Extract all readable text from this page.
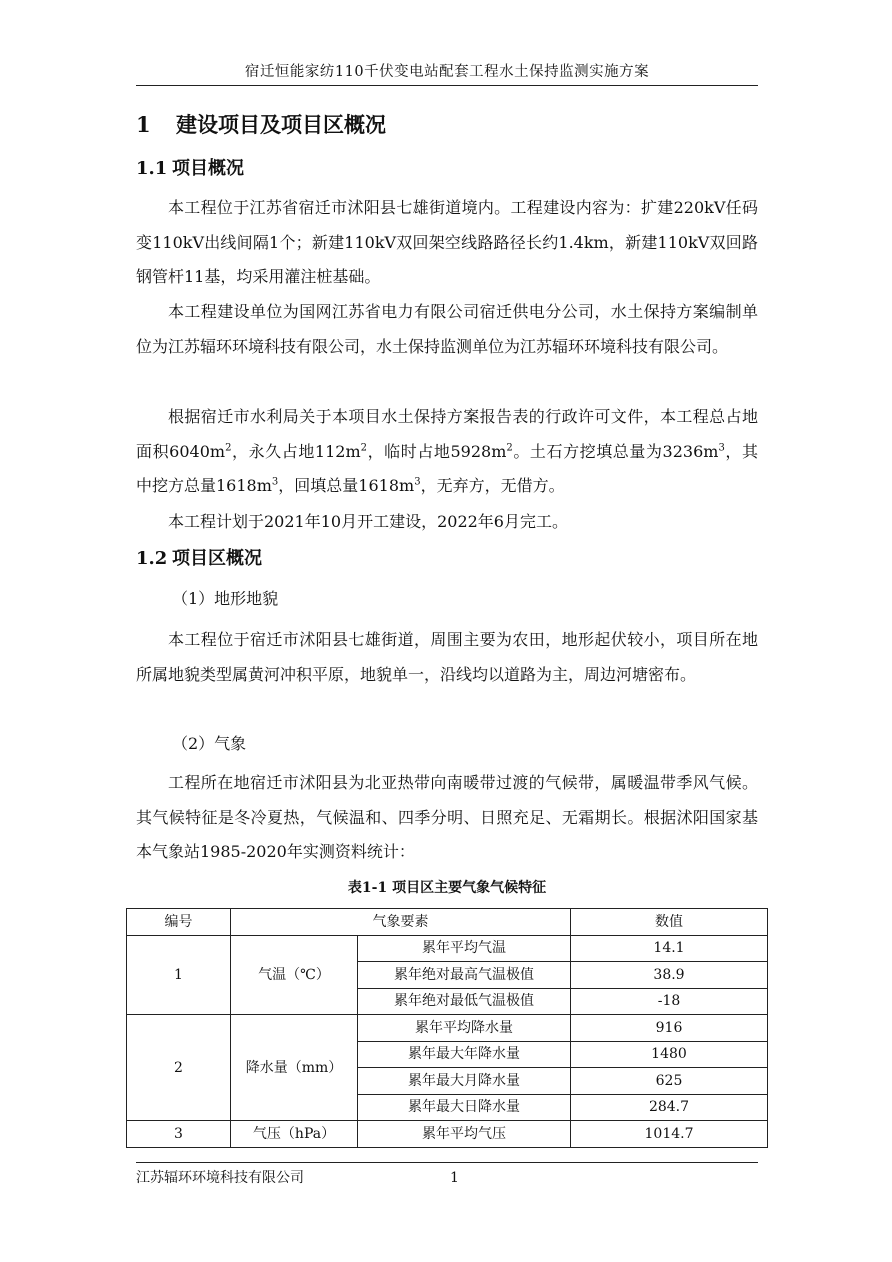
宿迁恒能家纺110千伏变电站配套工程水土保持监测实施方案
1 建设项目及项目区概况
1.1 项目概况

本工程位于江苏省宿迁市沭阳县七雄街道境内。工程建设内容为：扩建220kV任码变110kV出线间隔1个；新建110kV双回架空线路路径长约1.4km，新建110kV双回路钢管杆11基，均采用灌注桩基础。

本工程建设单位为国网江苏省电力有限公司宿迁供电分公司，水土保持方案编制单位为江苏辐环环境科技有限公司，水土保持监测单位为江苏辐环环境科技有限公司。

根据宿迁市水利局关于本项目水土保持方案报告表的行政许可文件，本工程总占地面积$6040m^2$，永久占地$112m^2$，临时占地$5928m^2$。土石方挖填总量为$3236m^3$，其中挖方总量$1618m^3$，回填总量$1618m^3$，无弃方，无借方。

本工程计划于2021年10月开工建设，2022年6月完工。

1.2 项目区概况
（1）地形地貌

本工程位于宿迁市沭阳县七雄街道，周围主要为农田，地形起伏较小，项目所在地所属地貌类型属黄河冲积平原，地貌单一，沿线均以道路为主，周边河塘密布。

（2）气象

工程所在地宿迁市沭阳县为北亚热带向南暖带过渡的气候带，属暖温带季风气候。其气候特征是冬冷夏热，气候温和、四季分明、日照充足、无霜期长。根据沭阳国家基本气象站1985-2020年实测资料统计：

表1-1 项目区主要气象气候特征
编号	气象要素		数值
1	气温（℃）	累年平均气温	14.1
		累年绝对最高气温极值	38.9
		累年绝对最低气温极值	-18
2	降水量（mm）	累年平均降水量	916
		累年最大年降水量	1480
		累年最大月降水量	625
		累年最大日降水量	284.7
3	气压（hPa）	累年平均气压	1014.7
江苏辐环环境科技有限公司	1
